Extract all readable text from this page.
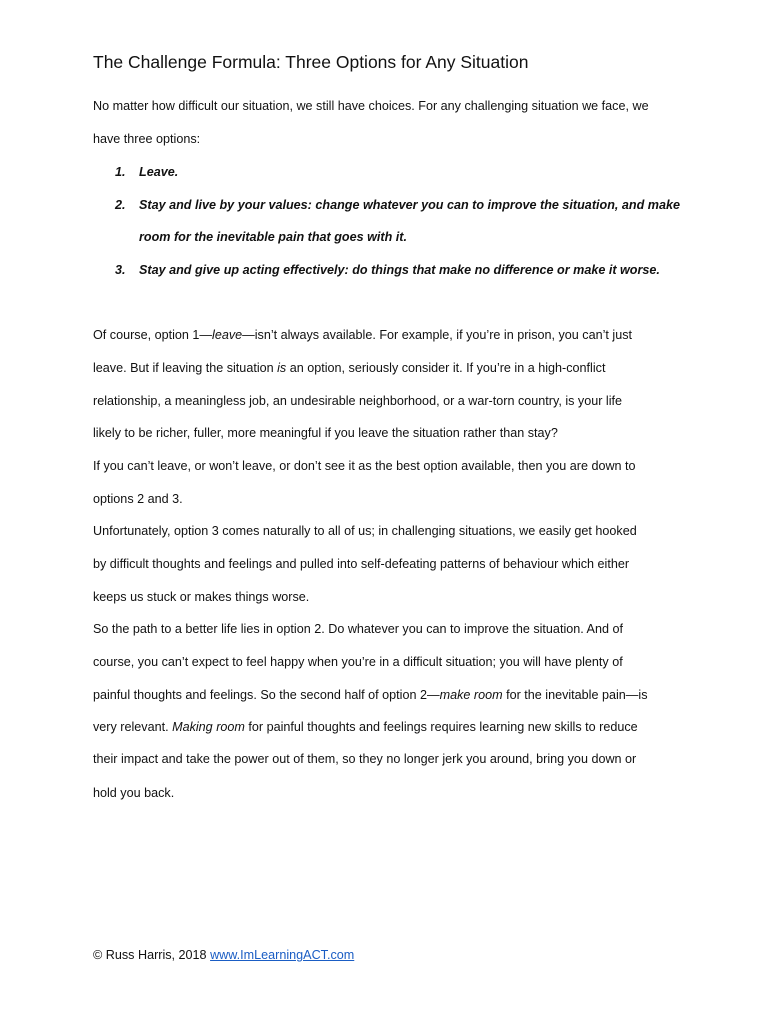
The Challenge Formula: Three Options for Any Situation
No matter how difficult our situation, we still have choices. For any challenging situation we face, we
have three options:
1. Leave.
2. Stay and live by your values: change whatever you can to improve the situation, and make
room for the inevitable pain that goes with it.
3. Stay and give up acting effectively: do things that make no difference or make it worse.
Of course, option 1—leave—isn’t always available. For example, if you’re in prison, you can’t just
leave. But if leaving the situation is an option, seriously consider it. If you’re in a high-conflict
relationship, a meaningless job, an undesirable neighborhood, or a war-torn country, is your life
likely to be richer, fuller, more meaningful if you leave the situation rather than stay?
If you can’t leave, or won’t leave, or don’t see it as the best option available, then you are down to
options 2 and 3.
Unfortunately, option 3 comes naturally to all of us; in challenging situations, we easily get hooked
by difficult thoughts and feelings and pulled into self-defeating patterns of behaviour which either
keeps us stuck or makes things worse.
So the path to a better life lies in option 2. Do whatever you can to improve the situation. And of
course, you can’t expect to feel happy when you’re in a difficult situation; you will have plenty of
painful thoughts and feelings. So the second half of option 2—make room for the inevitable pain—is
very relevant. Making room for painful thoughts and feelings requires learning new skills to reduce
their impact and take the power out of them, so they no longer jerk you around, bring you down or
hold you back.
© Russ Harris, 2018 www.ImLearningACT.com
